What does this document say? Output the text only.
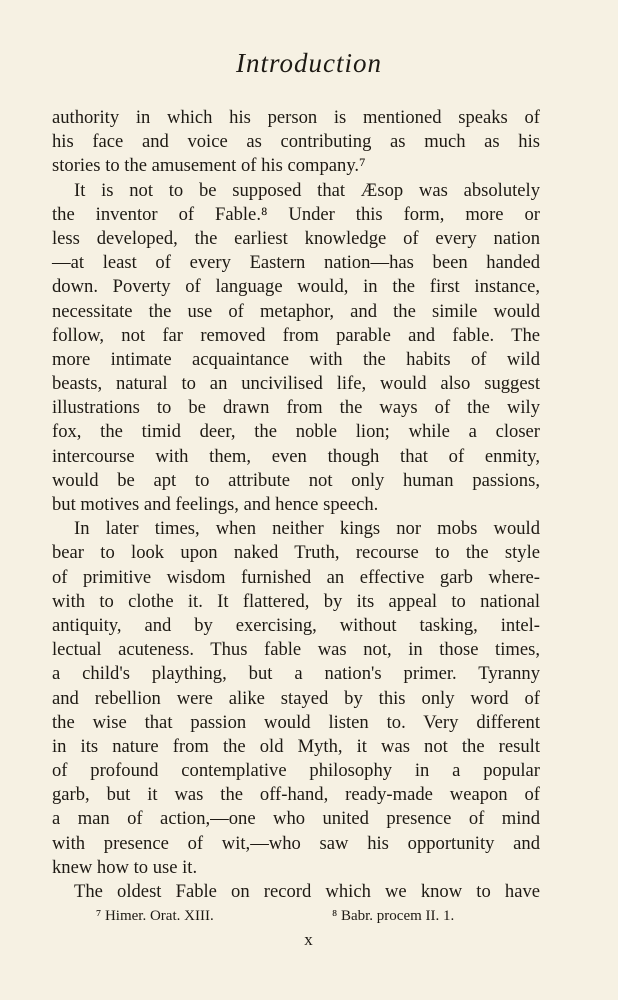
Introduction
authority in which his person is mentioned speaks of
his face and voice as contributing as much as his
stories to the amusement of his company.⁷
It is not to be supposed that Æsop was absolutely
the inventor of Fable.⁸ Under this form, more or
less developed, the earliest knowledge of every nation
—at least of every Eastern nation—has been handed
down. Poverty of language would, in the first instance,
necessitate the use of metaphor, and the simile would
follow, not far removed from parable and fable. The
more intimate acquaintance with the habits of wild
beasts, natural to an uncivilised life, would also suggest
illustrations to be drawn from the ways of the wily
fox, the timid deer, the noble lion; while a closer
intercourse with them, even though that of enmity,
would be apt to attribute not only human passions,
but motives and feelings, and hence speech.
In later times, when neither kings nor mobs would
bear to look upon naked Truth, recourse to the style
of primitive wisdom furnished an effective garb where-
with to clothe it. It flattered, by its appeal to national
antiquity, and by exercising, without tasking, intel-
lectual acuteness. Thus fable was not, in those times,
a child's plaything, but a nation's primer. Tyranny
and rebellion were alike stayed by this only word of
the wise that passion would listen to. Very different
in its nature from the old Myth, it was not the result
of profound contemplative philosophy in a popular
garb, but it was the off-hand, ready-made weapon of
a man of action,—one who united presence of mind
with presence of wit,—who saw his opportunity and
knew how to use it.
The oldest Fable on record which we know to have
⁷ Himer. Orat. XIII.	⁸ Babr. procem II. 1.
x
